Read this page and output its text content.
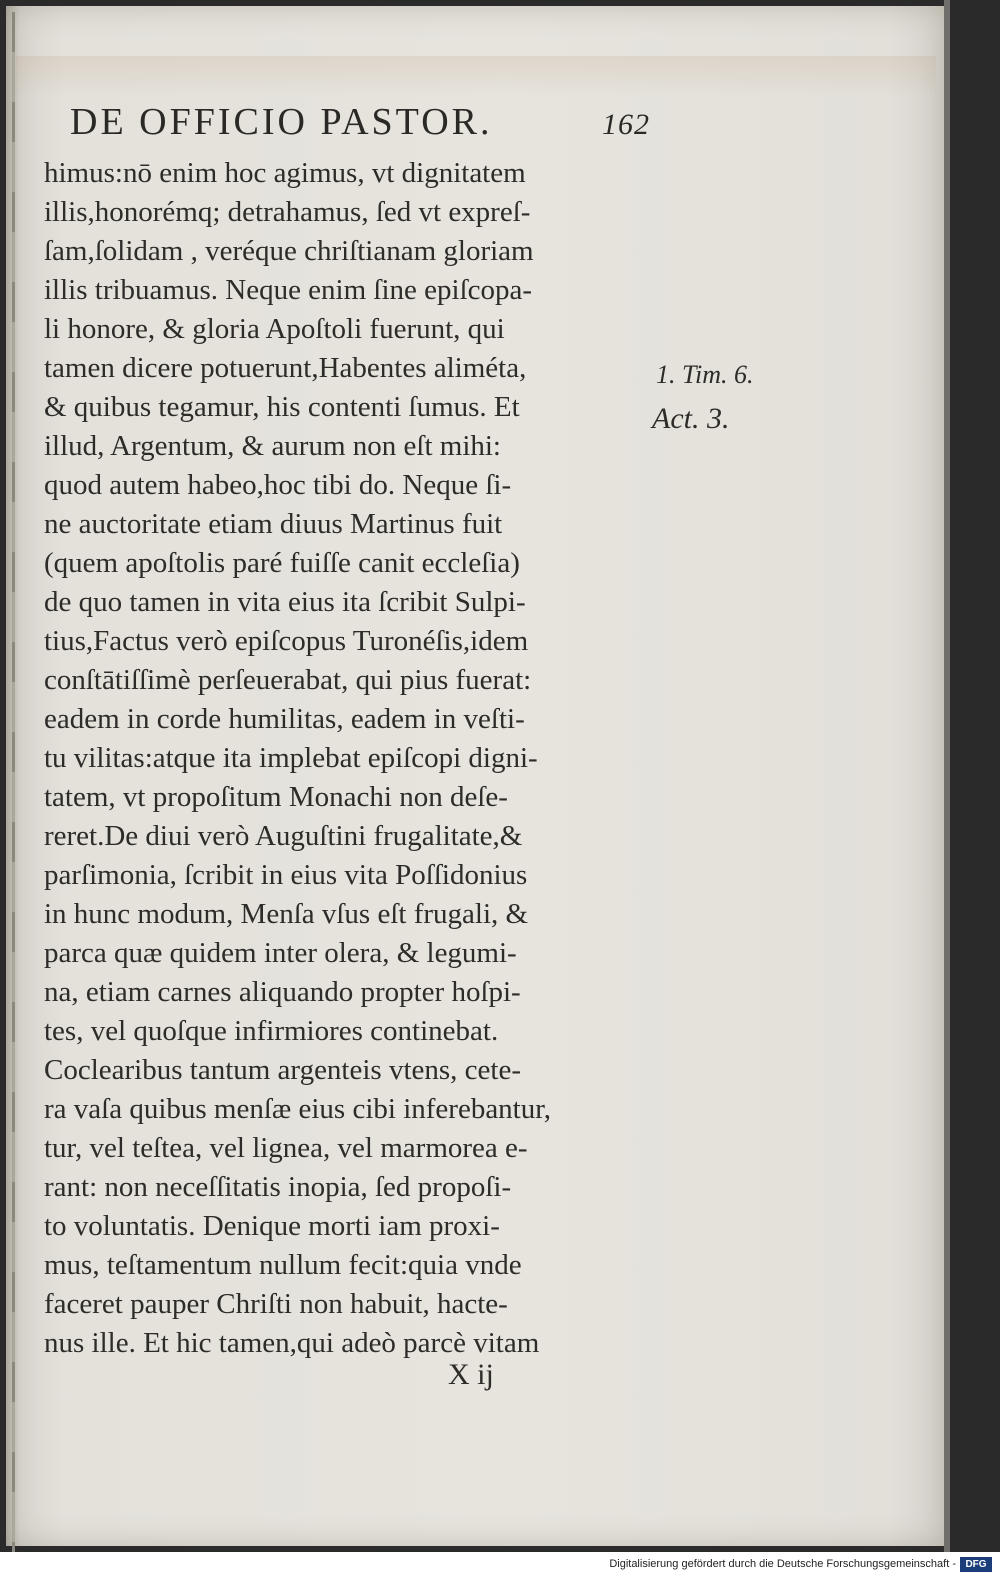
DE OFFICIO PASTOR.	162
himus:nō enim hoc agimus, vt dignitatem
illis,honorémq; detrahamus, ſed vt expreſ-
ſam,ſolidam , veréque chriſtianam gloriam
illis tribuamus. Neque enim ſine epiſcopa-
li honore, & gloria Apoſtoli fuerunt, qui
tamen dicere potuerunt,Habentes aliméta,
& quibus tegamur, his contenti ſumus. Et
illud, Argentum, & aurum non eſt mihi:
quod autem habeo,hoc tibi do. Neque ſi-
ne auctoritate etiam diuus Martinus fuit
(quem apoſtolis paré fuiſſe canit eccleſia)
de quo tamen in vita eius ita ſcribit Sulpi-
tius,Factus verò epiſcopus Turonéſis,idem
conſtātiſſimè perſeuerabat, qui pius fuerat:
eadem in corde humilitas, eadem in veſti-
tu vilitas:atque ita implebat epiſcopi digni-
tatem, vt propoſitum Monachi non deſe-
reret.De diui verò Auguſtini frugalitate,&
parſimonia, ſcribit in eius vita Poſſidonius
in hunc modum, Menſa vſus eſt frugali, &
parca quæ quidem inter olera, & legumi-
na, etiam carnes aliquando propter hoſpi-
tes, vel quoſque infirmiores continebat.
Coclearibus tantum argenteis vtens, cete-
ra vaſa quibus menſæ eius cibi inferebantur,
tur, vel teſtea, vel lignea, vel marmorea e-
rant: non neceſſitatis inopia, ſed propoſi-
to voluntatis. Denique morti iam proxi-
mus, teſtamentum nullum fecit:quia vnde
faceret pauper Chriſti non habuit, hacte-
nus ille. Et hic tamen,qui adeò parcè vitam
1. Tim. 6.
Act. 3.
X ij
Digitalisierung gefördert durch die Deutsche Forschungsgemeinschaft - DFG
